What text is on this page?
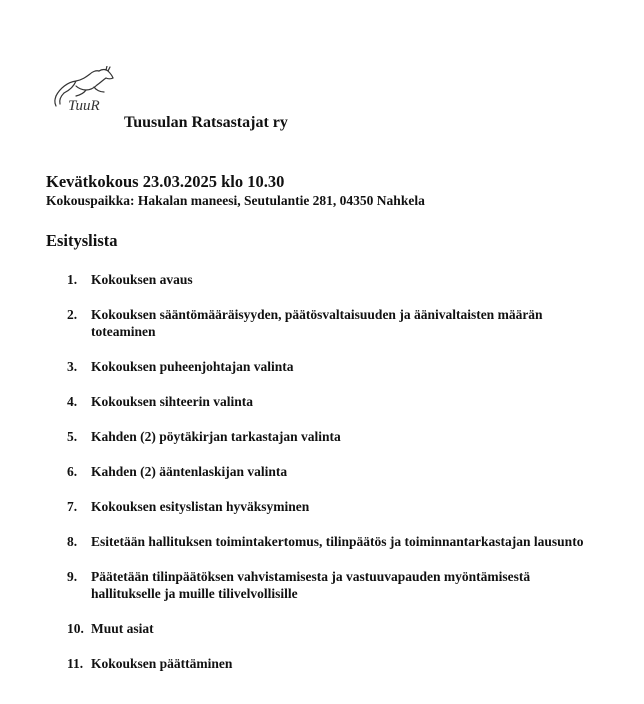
TuuR
Tuusulan Ratsastajat ry
Kevätkokous 23.03.2025 klo 10.30
Kokouspaikka: Hakalan maneesi, Seutulantie 281, 04350 Nahkela
Esityslista
1. Kokouksen avaus
2. Kokouksen sääntömääräisyyden, päätösvaltaisuuden ja äänivaltaisten määrän
toteaminen
3. Kokouksen puheenjohtajan valinta
4. Kokouksen sihteerin valinta
5. Kahden (2) pöytäkirjan tarkastajan valinta
6. Kahden (2) ääntenlaskijan valinta
7. Kokouksen esityslistan hyväksyminen
8. Esitetään hallituksen toimintakertomus, tilinpäätös ja toiminnantarkastajan lausunto
9. Päätetään tilinpäätöksen vahvistamisesta ja vastuuvapauden myöntämisestä
hallitukselle ja muille tilivelvollisille
10. Muut asiat
11. Kokouksen päättäminen
